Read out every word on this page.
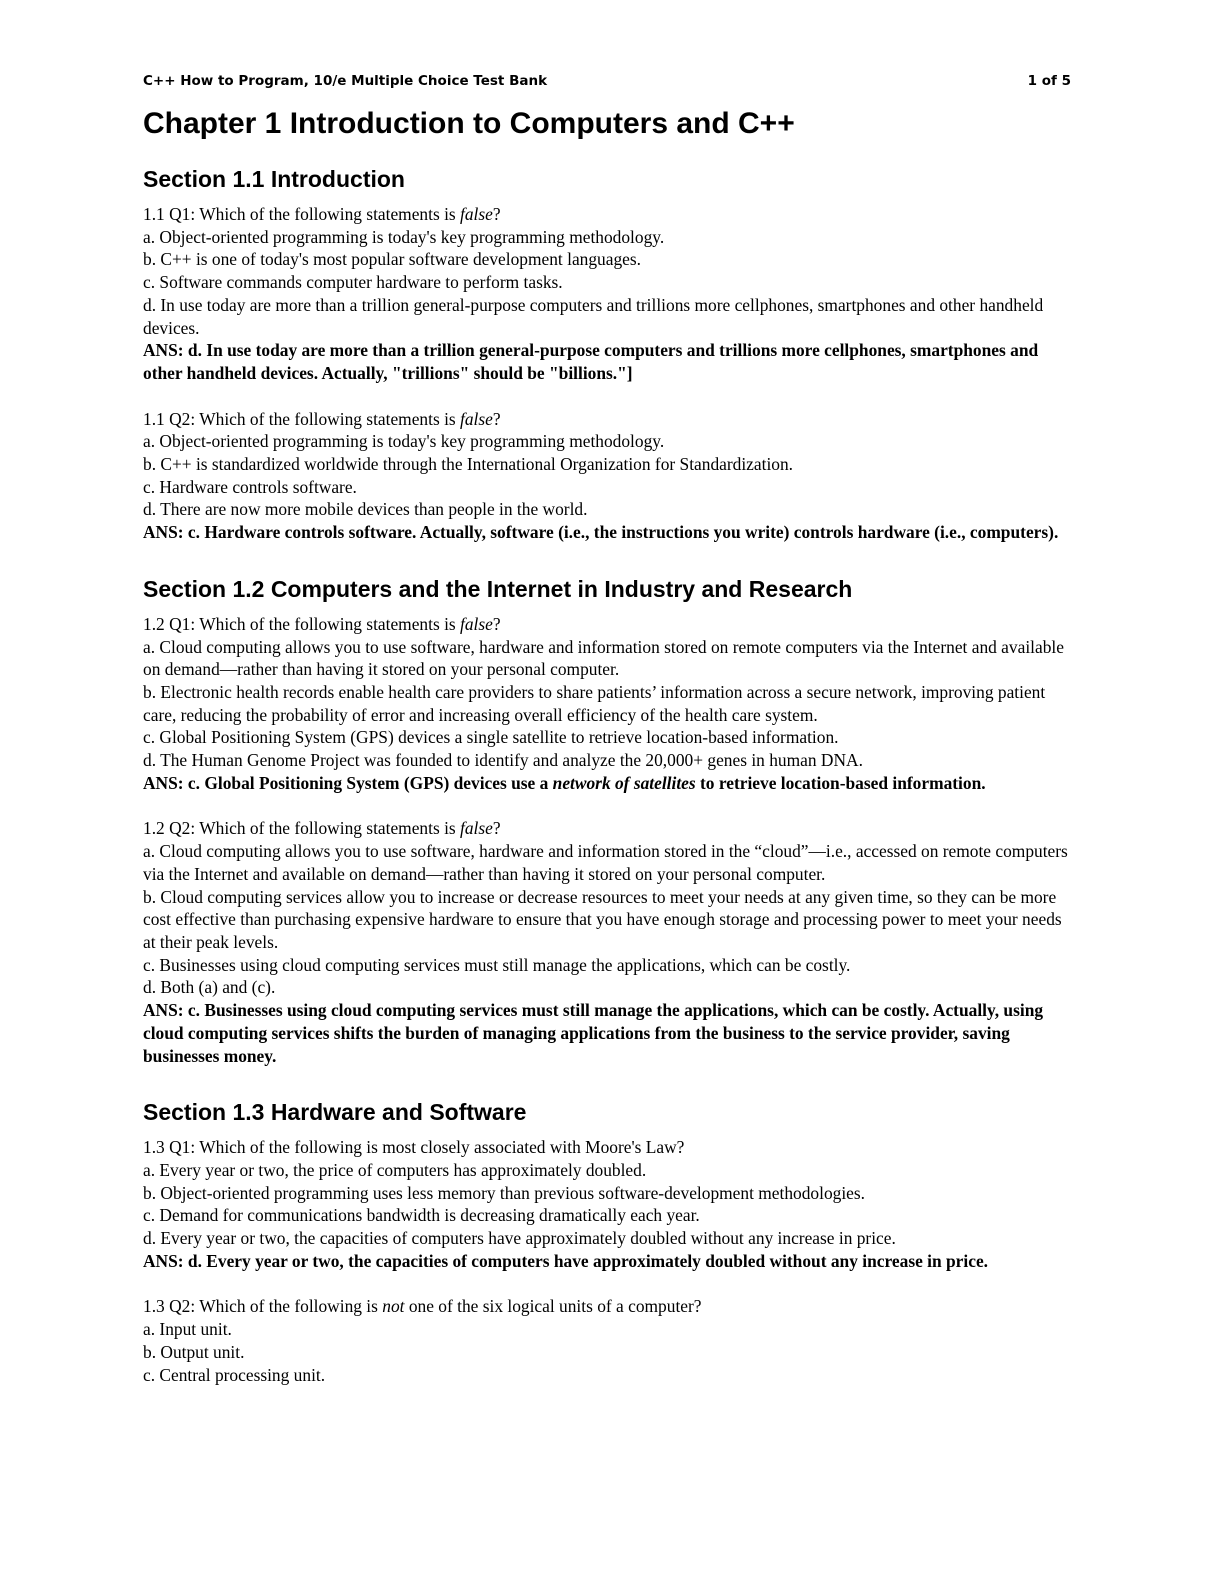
C++ How to Program, 10/e Multiple Choice Test Bank	1 of 5
Chapter 1 Introduction to Computers and C++
Section 1.1 Introduction

1.1 Q1: Which of the following statements is false?

a. Object-oriented programming is today's key programming methodology.

b. C++ is one of today's most popular software development languages.

c. Software commands computer hardware to perform tasks.

d. In use today are more than a trillion general-purpose computers and trillions more cellphones, smartphones and other handheld devices.

ANS: d. In use today are more than a trillion general-purpose computers and trillions more cellphones, smartphones and other handheld devices. Actually, "trillions" should be "billions."]

1.1 Q2: Which of the following statements is false?

a. Object-oriented programming is today's key programming methodology.

b. C++ is standardized worldwide through the International Organization for Standardization.

c. Hardware controls software.

d. There are now more mobile devices than people in the world.

ANS: c. Hardware controls software. Actually, software (i.e., the instructions you write) controls hardware (i.e., computers).

Section 1.2 Computers and the Internet in Industry and Research

1.2 Q1: Which of the following statements is false?

a. Cloud computing allows you to use software, hardware and information stored on remote computers via the Internet and available on demand—rather than having it stored on your personal computer.

b. Electronic health records enable health care providers to share patients’ information across a secure network, improving patient care, reducing the probability of error and increasing overall efficiency of the health care system.

c. Global Positioning System (GPS) devices a single satellite to retrieve location-based information.

d. The Human Genome Project was founded to identify and analyze the 20,000+ genes in human DNA.

ANS: c. Global Positioning System (GPS) devices use a network of satellites to retrieve location-based information.

1.2 Q2: Which of the following statements is false?

a. Cloud computing allows you to use software, hardware and information stored in the “cloud”—i.e., accessed on remote computers via the Internet and available on demand—rather than having it stored on your personal computer.

b. Cloud computing services allow you to increase or decrease resources to meet your needs at any given time, so they can be more cost effective than purchasing expensive hardware to ensure that you have enough storage and processing power to meet your needs at their peak levels.

c. Businesses using cloud computing services must still manage the applications, which can be costly.

d. Both (a) and (c).

ANS: c. Businesses using cloud computing services must still manage the applications, which can be costly. Actually, using cloud computing services shifts the burden of managing applications from the business to the service provider, saving businesses money.

Section 1.3 Hardware and Software

1.3 Q1: Which of the following is most closely associated with Moore's Law?

a. Every year or two, the price of computers has approximately doubled.

b. Object-oriented programming uses less memory than previous software-development methodologies.

c. Demand for communications bandwidth is decreasing dramatically each year.

d. Every year or two, the capacities of computers have approximately doubled without any increase in price.

ANS: d. Every year or two, the capacities of computers have approximately doubled without any increase in price.

1.3 Q2: Which of the following is not one of the six logical units of a computer?

a. Input unit.

b. Output unit.

c. Central processing unit.
